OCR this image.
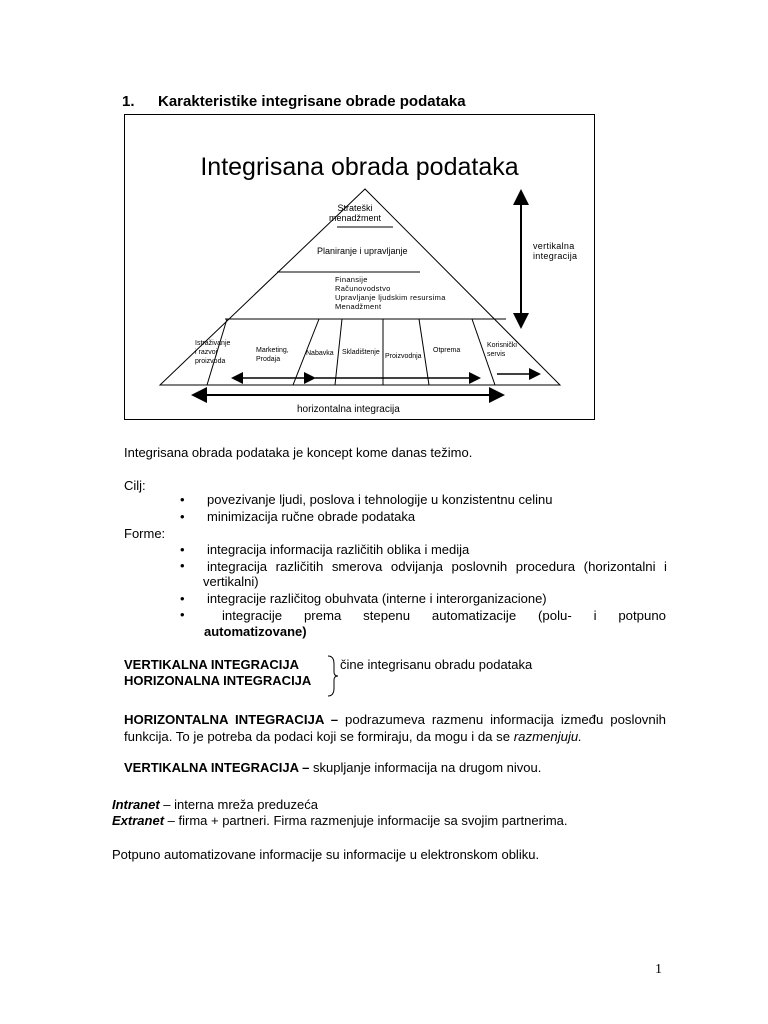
1. Karakteristike integrisane obrade podataka
Integrisana obrada podataka
Strateški
menadžment
Planiranje i upravljanje
Finansije
Računovodstvo
Upravljanje ljudskim resursima
Menadžment
Istraživanje
i razvoj
proizvoda
Marketing,
Prodaja
Nabavka Skladištenje
Proizvodnja
Otprema
Korisnički
servis
vertikalna
integracija
horizontalna integracija
Integrisana obrada podataka je koncept kome danas težimo.
Cilj:
• povezivanje ljudi, poslova i tehnologije u konzistentnu celinu
• minimizacija ručne obrade podataka
Forme:
• integracija informacija različitih oblika i medija
• integracija različitih smerova odvijanja poslovnih procedura (horizontalni i
vertikalni)
• integracije različitog obuhvata (interne i interorganizacione)
•	integracije prema stepenu automatizacije (polu- i potpuno
automatizovane)
VERTIKALNA INTEGRACIJA
HORIZONALNA INTEGRACIJA
čine integrisanu obradu podataka
HORIZONTALNA INTEGRACIJA – podrazumeva razmenu informacija između poslovnih funkcija. To je potreba da podaci koji se formiraju, da mogu i da se razmenjuju.
VERTIKALNA INTEGRACIJA – skupljanje informacija na drugom nivou.
Intranet – interna mreža preduzeća
Extranet – firma + partneri. Firma razmenjuje informacije sa svojim partnerima.
Potpuno automatizovane informacije su informacije u elektronskom obliku.
1
